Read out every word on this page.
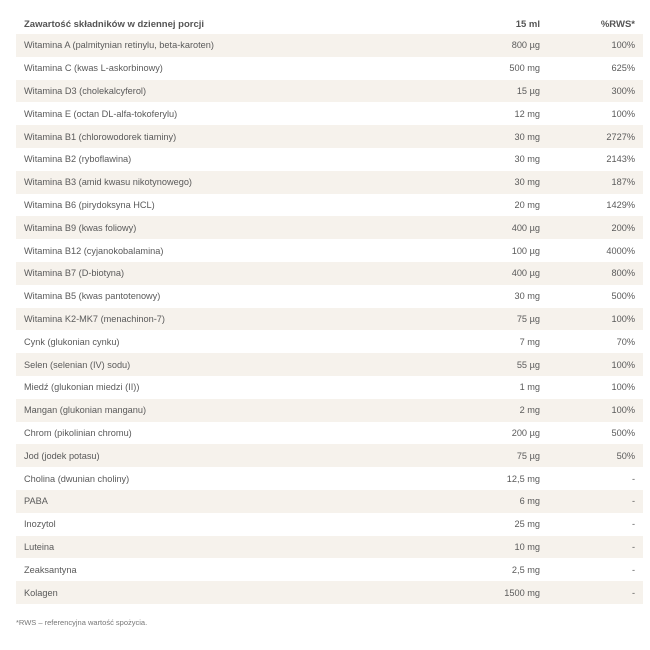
Zawartość składników w dziennej porcji	15 ml	%RWS*
Witamina A (palmitynian retinylu, beta-karoten)	800 µg	100%
Witamina C (kwas L-askorbinowy)	500 mg	625%
Witamina D3 (cholekalcyferol)	15 µg	300%
Witamina E (octan DL-alfa-tokoferylu)	12 mg	100%
Witamina B1 (chlorowodorek tiaminy)	30 mg	2727%
Witamina B2 (ryboflawina)	30 mg	2143%
Witamina B3 (amid kwasu nikotynowego)	30 mg	187%
Witamina B6 (pirydoksyna HCL)	20 mg	1429%
Witamina B9 (kwas foliowy)	400 µg	200%
Witamina B12 (cyjanokobalamina)	100 µg	4000%
Witamina B7 (D-biotyna)	400 µg	800%
Witamina B5 (kwas pantotenowy)	30 mg	500%
Witamina K2-MK7 (menachinon-7)	75 µg	100%
Cynk (glukonian cynku)	7 mg	70%
Selen (selenian (IV) sodu)	55 µg	100%
Miedź (glukonian miedzi (II))	1 mg	100%
Mangan (glukonian manganu)	2 mg	100%
Chrom (pikolinian chromu)	200 µg	500%
Jod (jodek potasu)	75 µg	50%
Cholina (dwunian choliny)	12,5 mg	-
PABA	6 mg	-
Inozytol	25 mg	-
Luteina	10 mg	-
Zeaksantyna	2,5 mg	-
Kolagen	1500 mg	-
*RWS – referencyjna wartość spożycia.
